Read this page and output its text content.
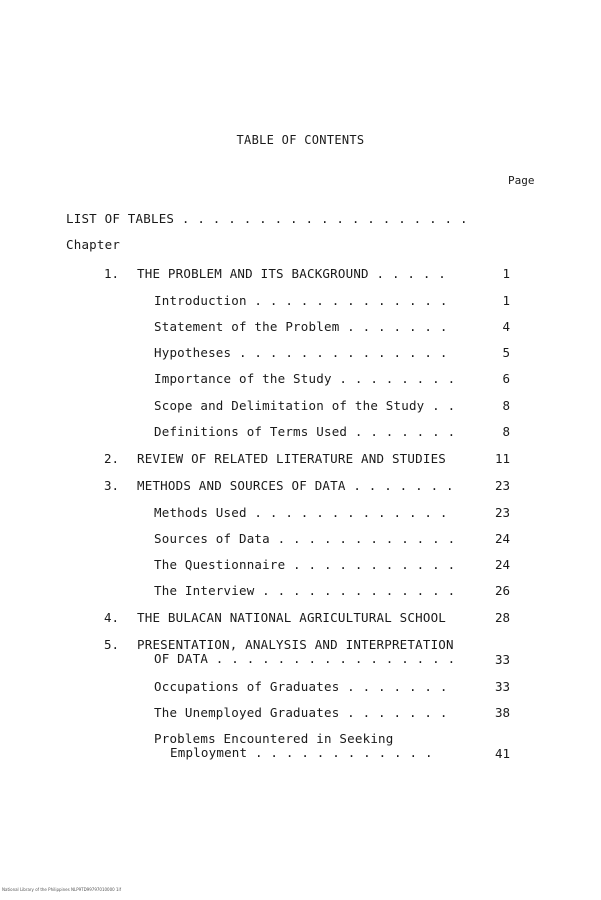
TABLE OF CONTENTS
Page
LIST OF TABLES . . . . . . . . . . . . . . . . . . .
Chapter
1. THE PROBLEM AND ITS BACKGROUND . . . . .	1
Introduction . . . . . . . . . . . . .	1
Statement of the Problem . . . . . . .	4
Hypotheses . . . . . . . . . . . . . .	5
Importance of the Study . . . . . . . .	6
Scope and Delimitation of the Study . .	8
Definitions of Terms Used . . . . . . .	8
2. REVIEW OF RELATED LITERATURE AND STUDIES	11
3. METHODS AND SOURCES OF DATA . . . . . . .	23
Methods Used . . . . . . . . . . . . .	23
Sources of Data . . . . . . . . . . . .	24
The Questionnaire . . . . . . . . . . .	24
The Interview . . . . . . . . . . . . .	26
4. THE BULACAN NATIONAL AGRICULTURAL SCHOOL	28
5. PRESENTATION, ANALYSIS AND INTERPRETATION
OF DATA . . . . . . . . . . . . . . . .	33
Occupations of Graduates . . . . . . .	33
The Unemployed Graduates . . . . . . .	38
Problems Encountered in Seeking
Employment . . . . . . . . . . . .	41
National Library of the Philippines NLP9TD99797010000 1if
